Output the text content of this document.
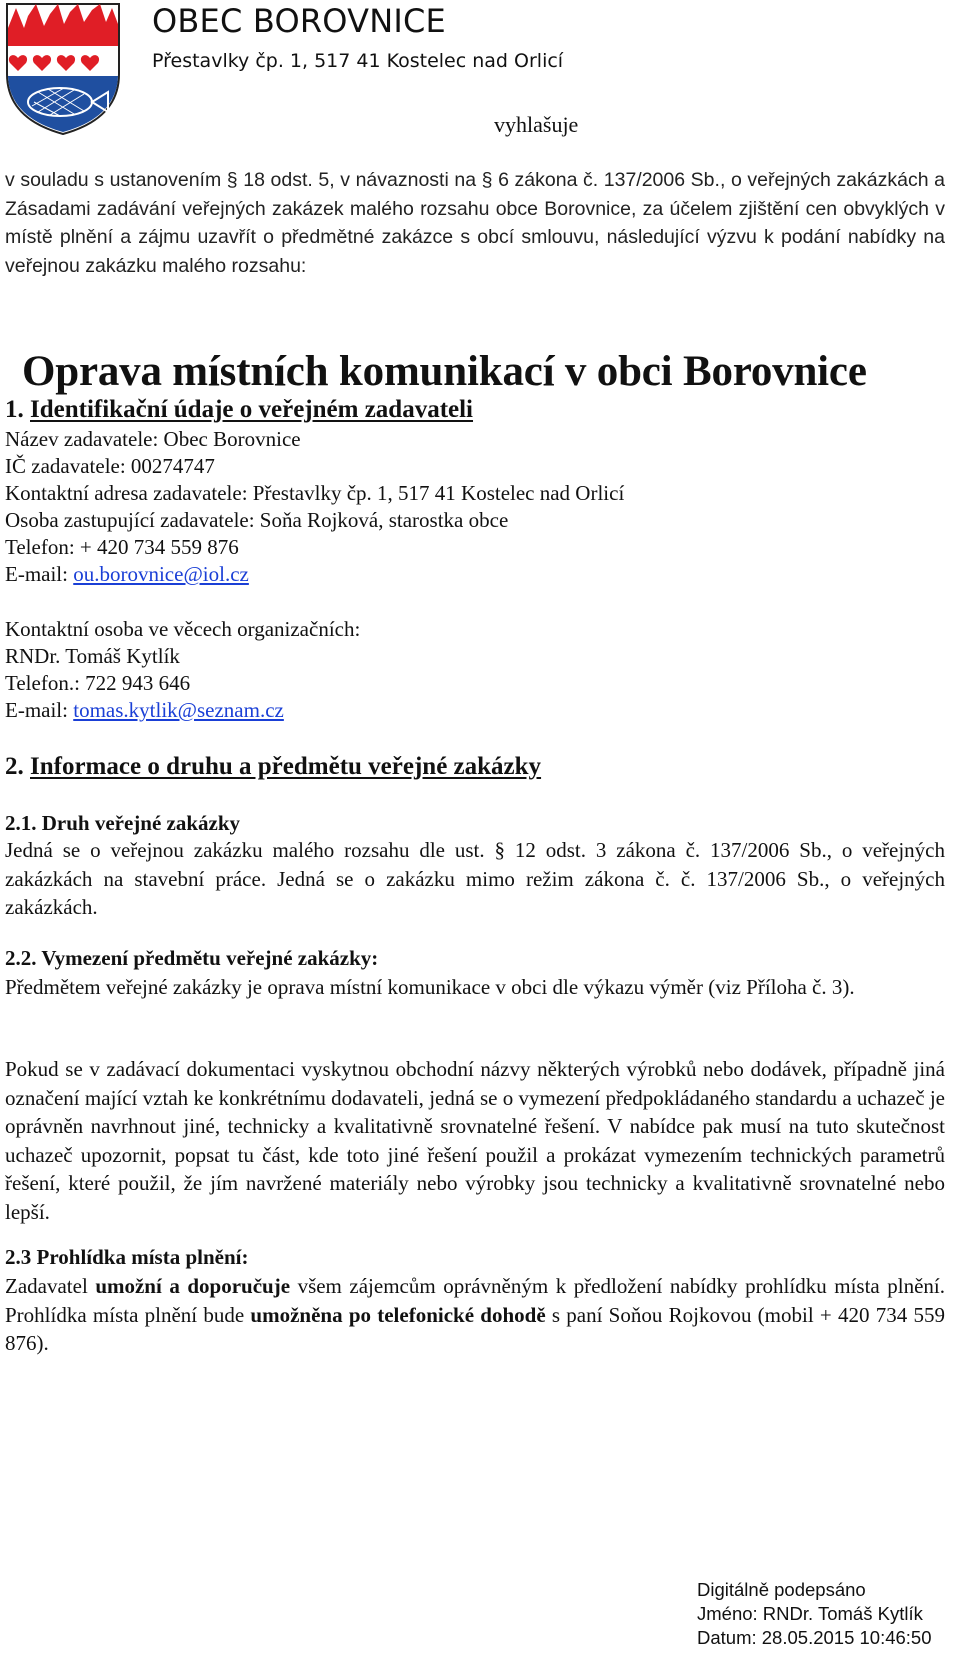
OBEC BOROVNICE
Přestavlky čp. 1, 517 41 Kostelec nad Orlicí
vyhlašuje
v souladu s ustanovením § 18 odst. 5, v návaznosti na § 6 zákona č. 137/2006 Sb., o veřejných zakázkách a Zásadami zadávání veřejných zakázek malého rozsahu obce Borovnice, za účelem zjištění cen obvyklých v místě plnění a zájmu uzavřít o předmětné zakázce s obcí smlouvu, následující výzvu k podání nabídky na veřejnou zakázku malého rozsahu:
Oprava místních komunikací v obci Borovnice
1. Identifikační údaje o veřejném zadavateli
Název zadavatele: Obec Borovnice
IČ zadavatele: 00274747
Kontaktní adresa zadavatele: Přestavlky čp. 1, 517 41 Kostelec nad Orlicí
Osoba zastupující zadavatele: Soňa Rojková, starostka obce
Telefon: + 420 734 559 876
E-mail: ou.borovnice@iol.cz
Kontaktní osoba ve věcech organizačních:
RNDr. Tomáš Kytlík
Telefon.: 722 943 646
E-mail: tomas.kytlik@seznam.cz
2. Informace o druhu a předmětu veřejné zakázky
2.1. Druh veřejné zakázky
Jedná se o veřejnou zakázku malého rozsahu dle ust. § 12 odst. 3 zákona č. 137/2006 Sb., o veřejných zakázkách na stavební práce. Jedná se o zakázku mimo režim zákona č. č. 137/2006 Sb., o veřejných zakázkách.
2.2. Vymezení předmětu veřejné zakázky:
Předmětem veřejné zakázky je oprava místní komunikace v obci dle výkazu výměr (viz Příloha č. 3).
Pokud se v zadávací dokumentaci vyskytnou obchodní názvy některých výrobků nebo dodávek, případně jiná označení mající vztah ke konkrétnímu dodavateli, jedná se o vymezení předpokládaného standardu a uchazeč je oprávněn navrhnout jiné, technicky a kvalitativně srovnatelné řešení. V nabídce pak musí na tuto skutečnost uchazeč upozornit, popsat tu část, kde toto jiné řešení použil a prokázat vymezením technických parametrů řešení, které použil, že jím navržené materiály nebo výrobky jsou technicky a kvalitativně srovnatelné nebo lepší.
2.3 Prohlídka místa plnění:
Zadavatel umožní a doporučuje všem zájemcům oprávněným k předložení nabídky prohlídku místa plnění. Prohlídka místa plnění bude umožněna po telefonické dohodě s paní Soňou Rojkovou (mobil + 420 734 559 876).
Digitálně podepsáno
Jméno: RNDr. Tomáš Kytlík
Datum: 28.05.2015 10:46:50
